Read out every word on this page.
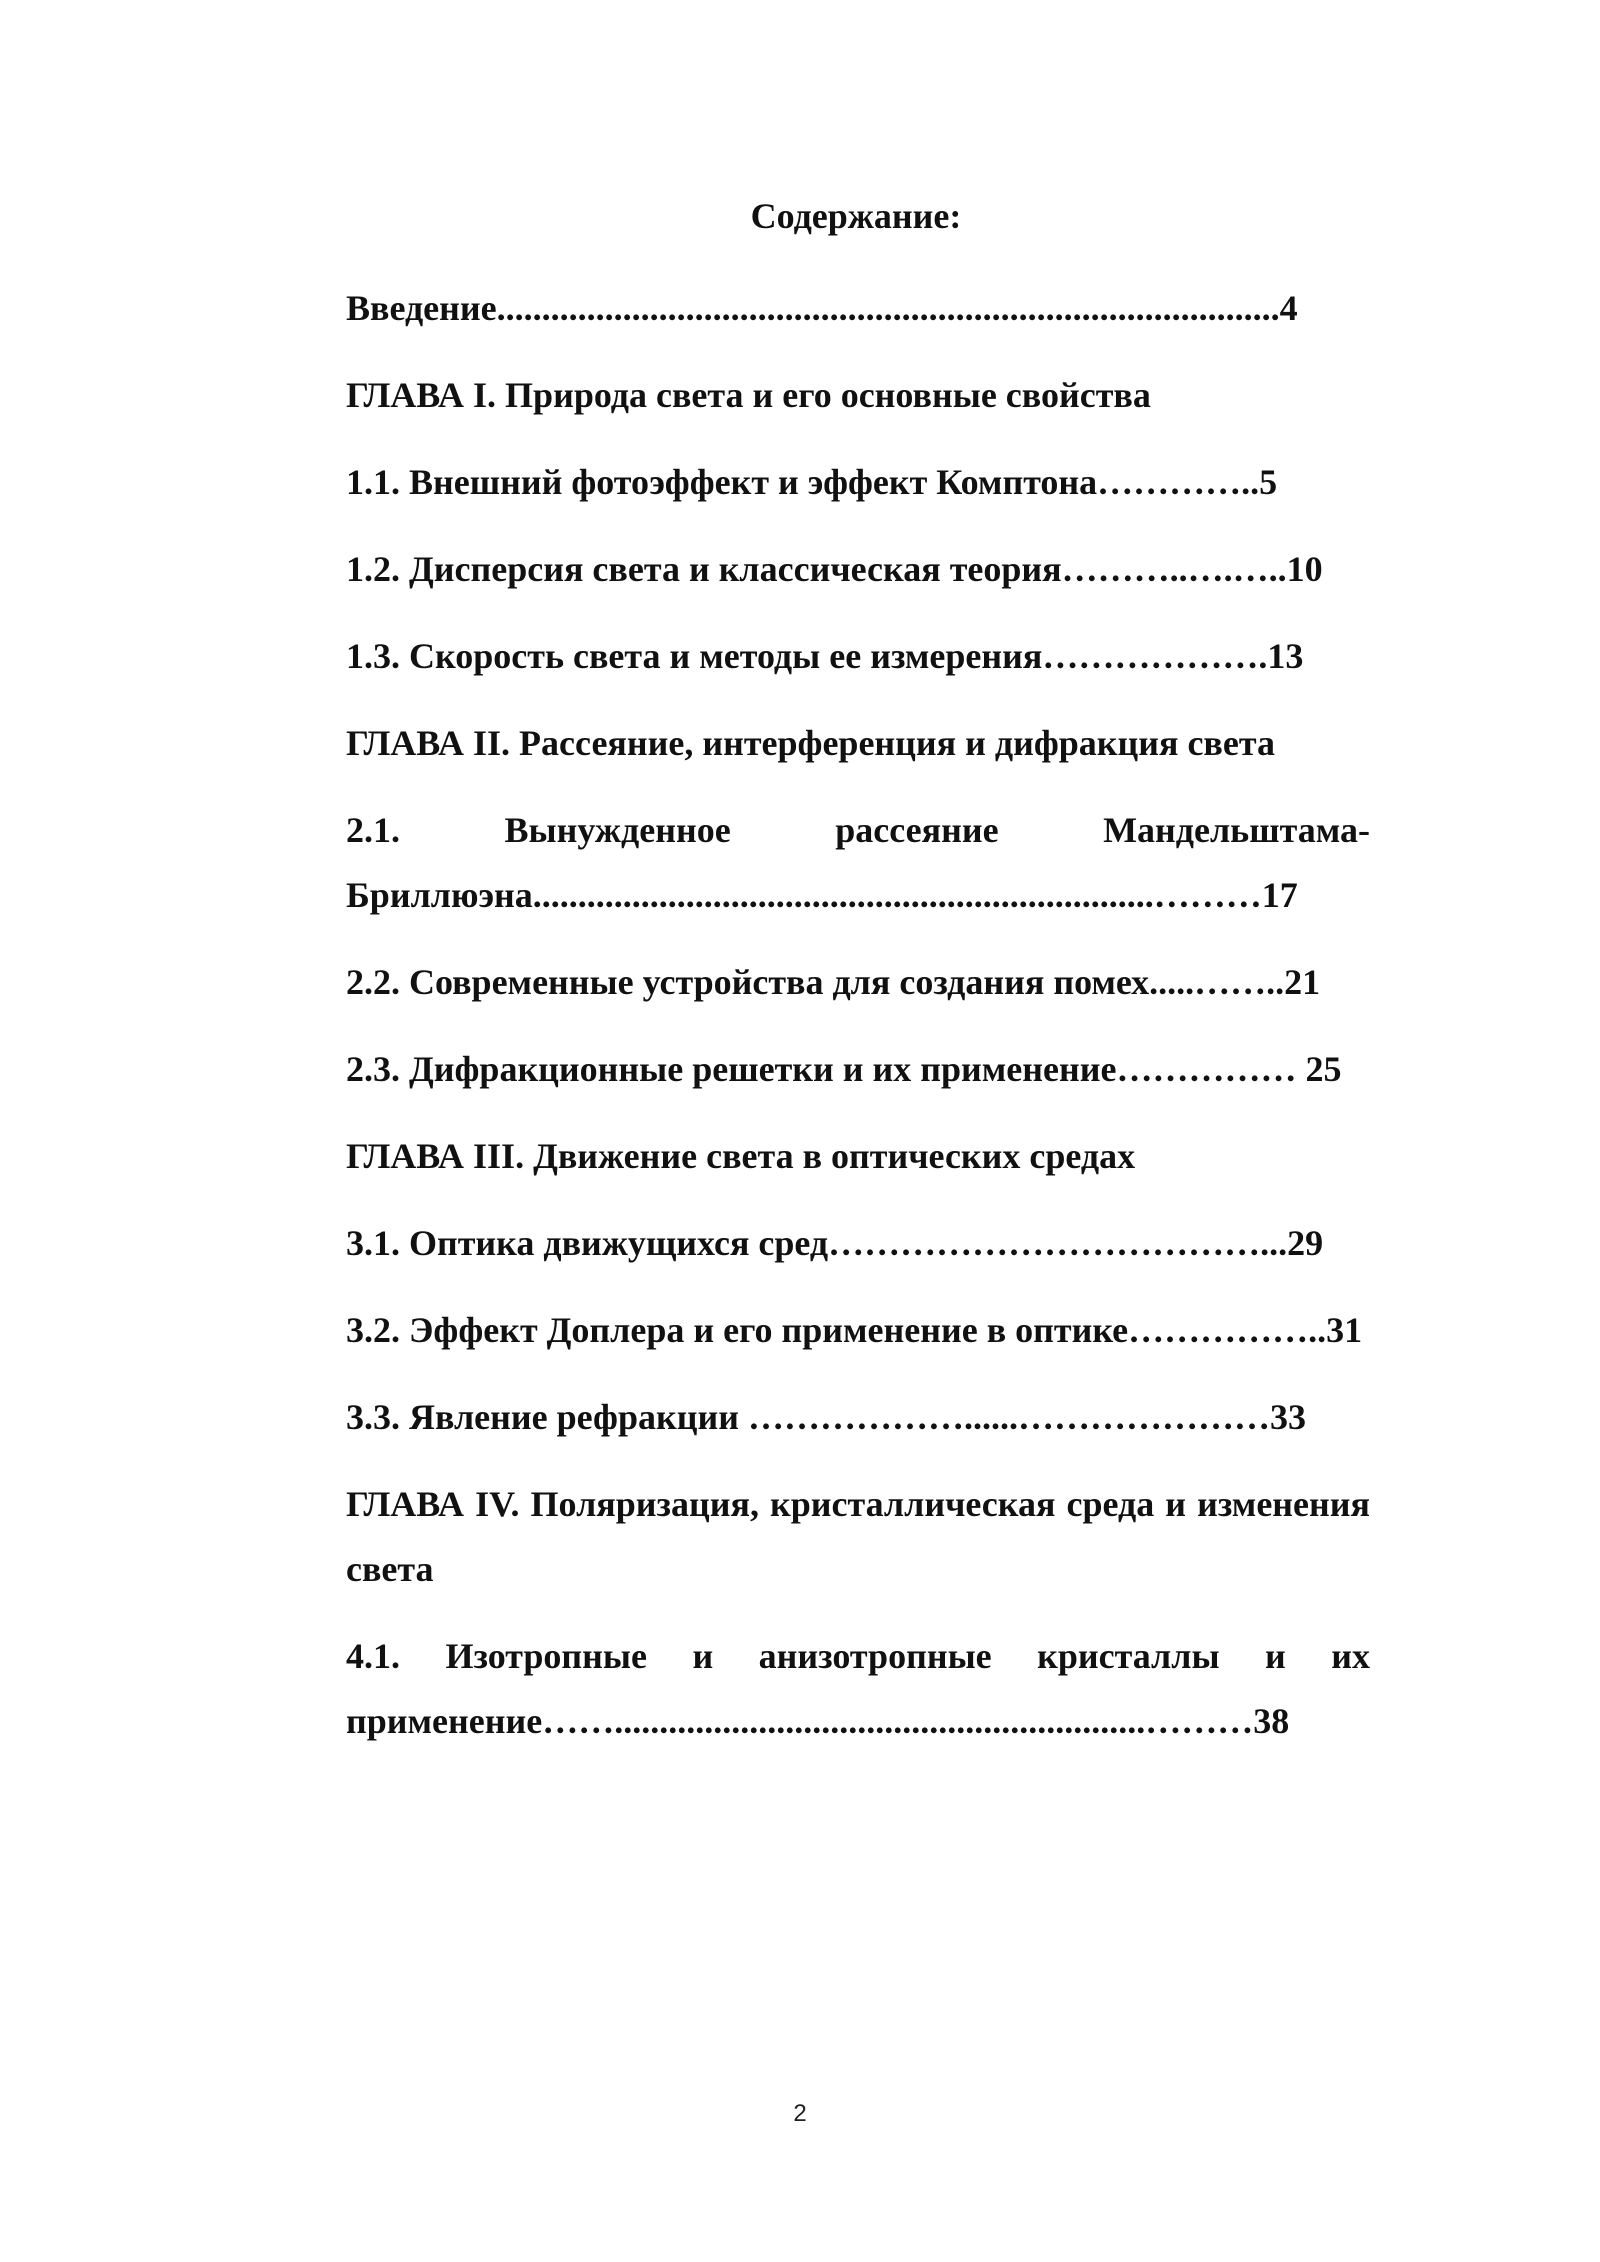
Содержание:

Введение.......................................................................................4

ГЛАВА I. Природа света и его основные свойства

1.1. Внешний фотоэффект и эффект Комптона…………..5

1.2. Дисперсия света и классическая теория………..….…..10

1.3. Скорость света и методы ее измерения……………….13

ГЛАВА II. Рассеяние, интерференция и дифракция света

2.1. Вынужденное рассеяние Мандельштама-Бриллюэна.....................................................................………17

2.2. Современные устройства для создания помех.....……..21

2.3. Дифракционные решетки и их применение…………… 25

ГЛАВА III. Движение света в оптических средах

3.1. Оптика движущихся сред………………………………...29

3.2. Эффект Доплера и его применение в оптике……………..31

3.3. Явление рефракции ………………......…………………33

ГЛАВА IV. Поляризация, кристаллическая среда и изменения света

4.1. Изотропные и анизотропные кристаллы и их применение……...........................................................………38

2
